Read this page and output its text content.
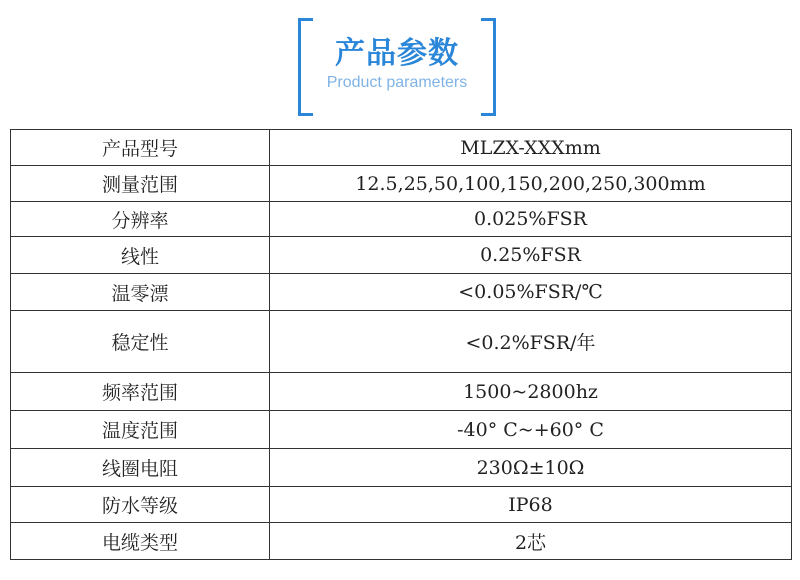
产品参数
Product parameters
产品型号	MLZX-XXXmm
测量范围	12.5,25,50,100,150,200,250,300mm
分辨率	0.025%FSR
线性	0.25%FSR
温零漂	<0.05%FSR/℃
稳定性	<0.2%FSR/年
频率范围	1500~2800hz
温度范围	-40° C~+60° C
线圈电阻	230Ω±10Ω
防水等级	IP68
电缆类型	2芯
